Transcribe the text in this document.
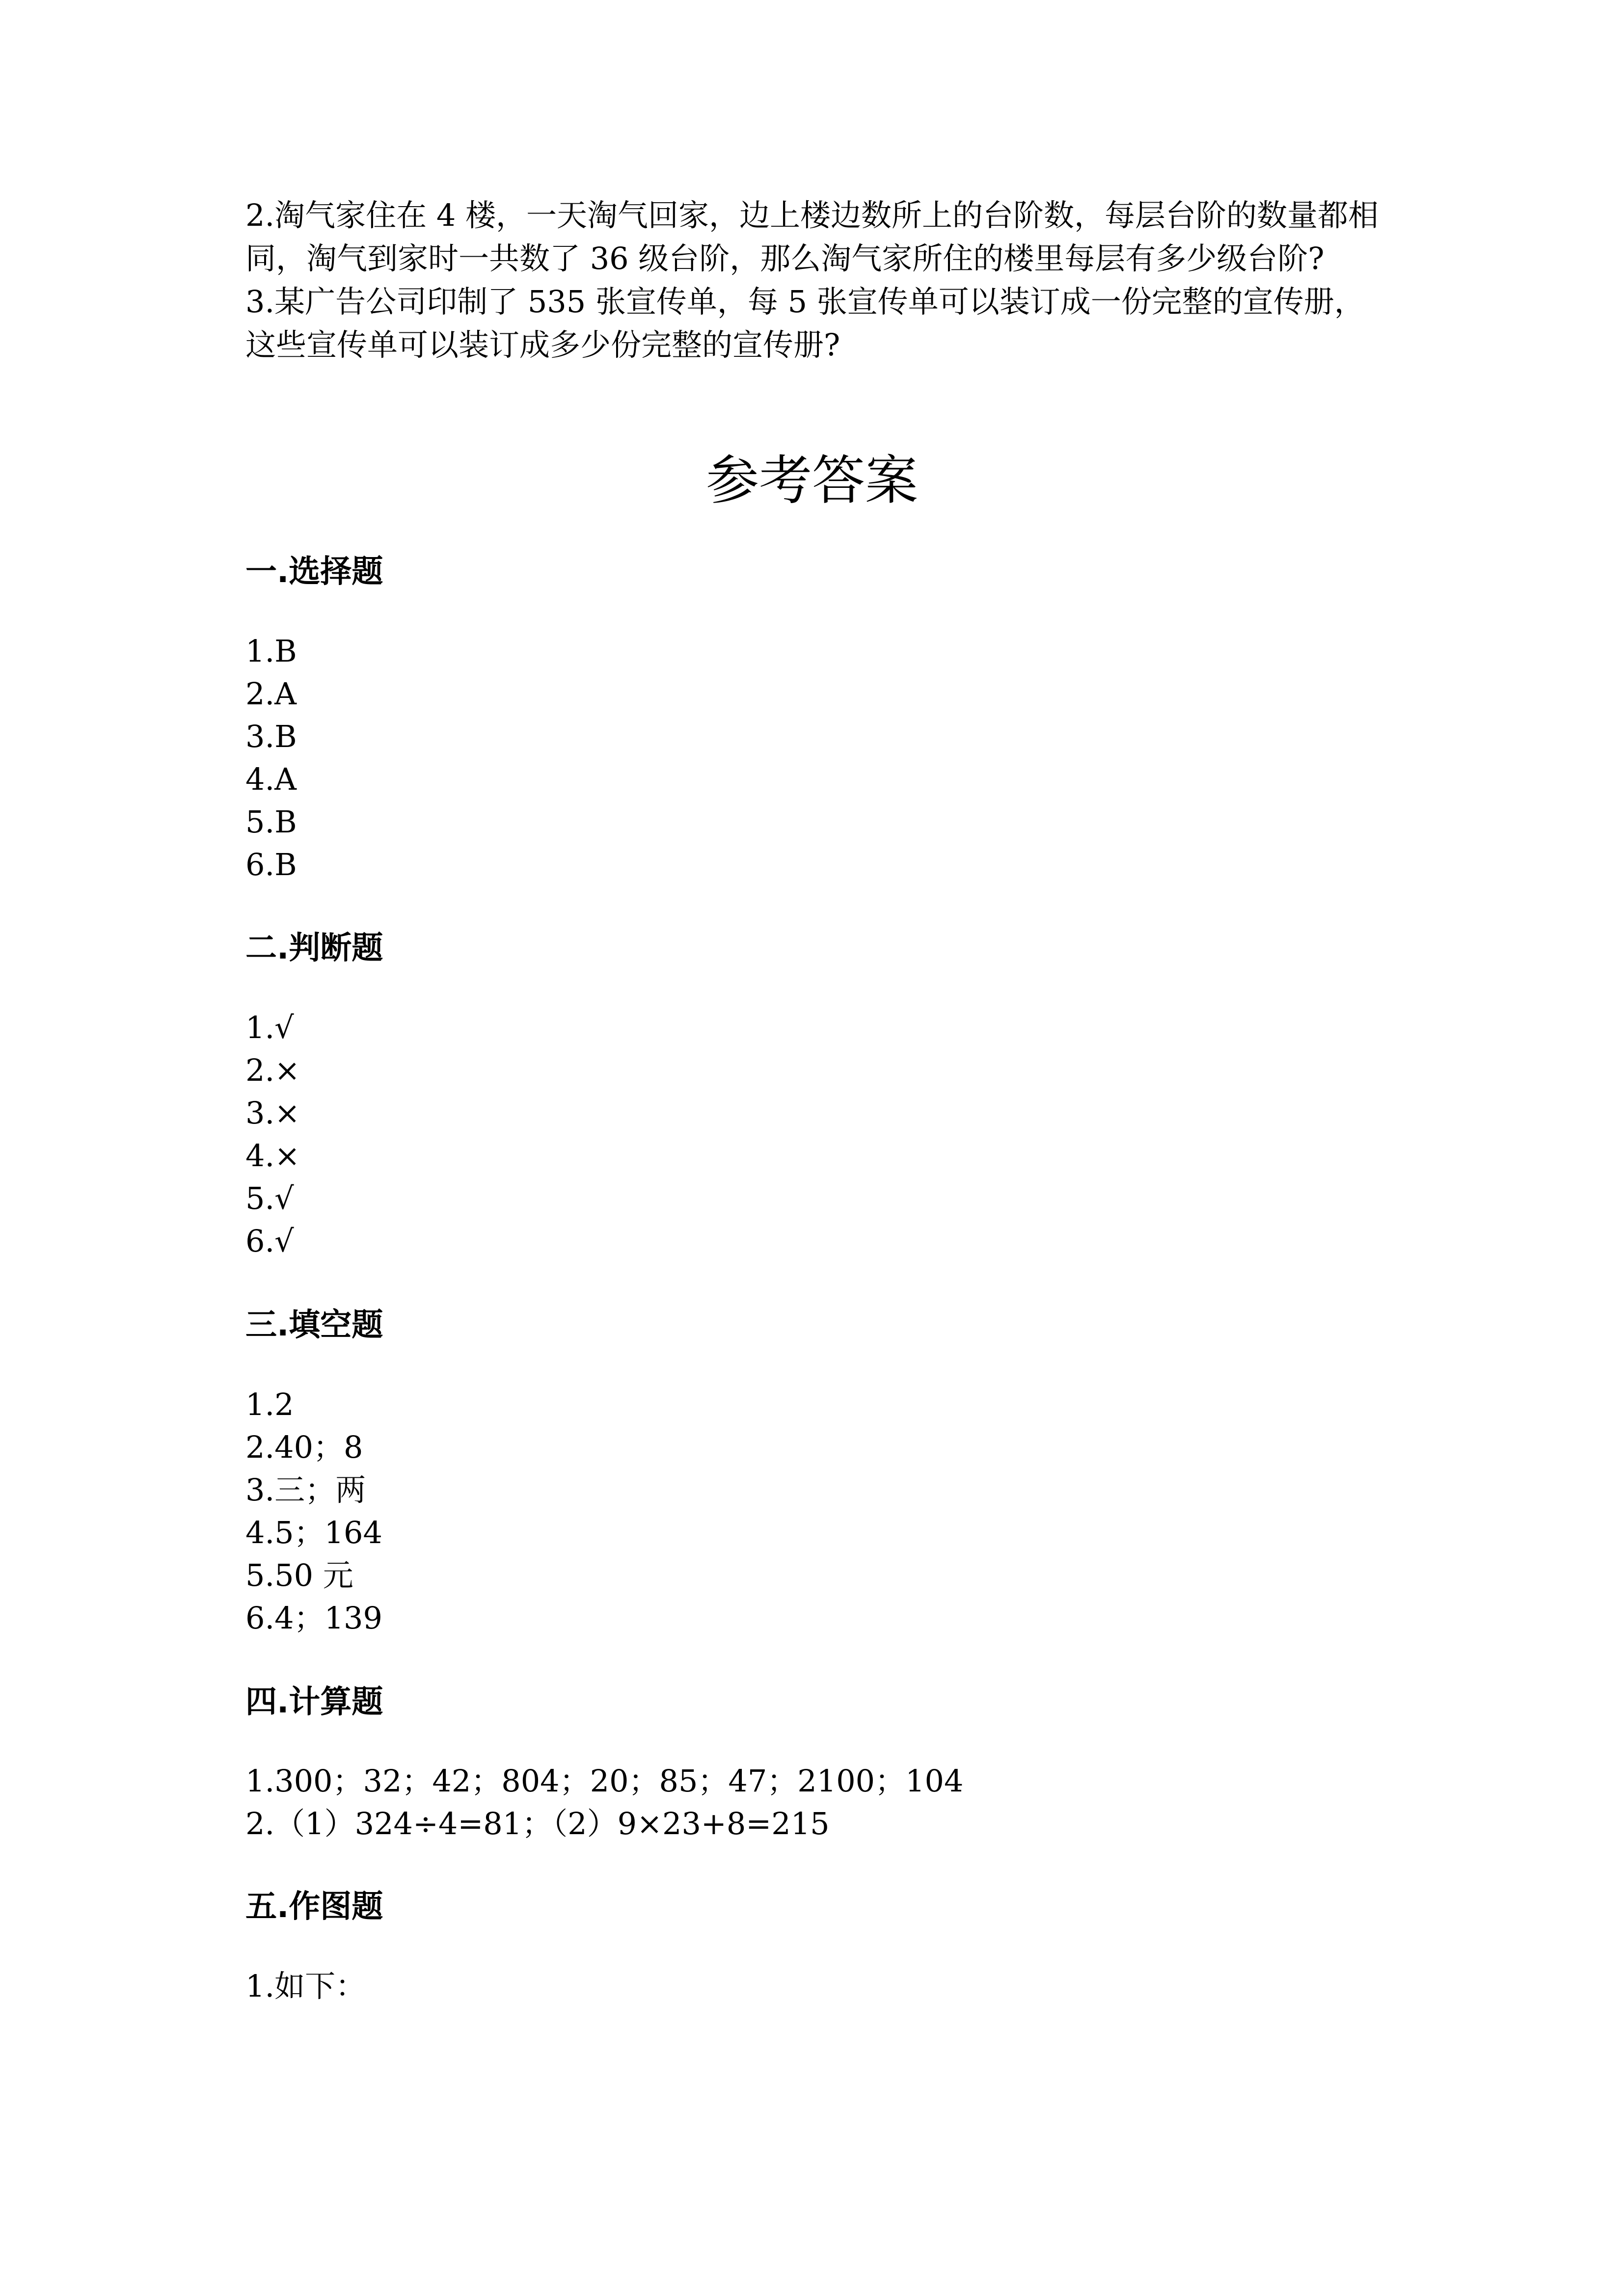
2.淘气家住在 4 楼，一天淘气回家，边上楼边数所上的台阶数，每层台阶的数量都相同，淘气到家时一共数了 36 级台阶，那么淘气家所住的楼里每层有多少级台阶?

3.某广告公司印制了 535 张宣传单，每 5 张宣传单可以装订成一份完整的宣传册，这些宣传单可以装订成多少份完整的宣传册?

参考答案
一.选择题
1.B
2.A
3.B
4.A
5.B
6.B
二.判断题
1.√
2.×
3.×
4.×
5.√
6.√
三.填空题
1.2
2.40；8
3.三；两
4.5；164
5.50 元
6.4；139
四.计算题
1.300；32；42；804；20；85；47；2100；104
2.（1）324÷4=81；（2）9×23+8=215
五.作图题
1.如下：
